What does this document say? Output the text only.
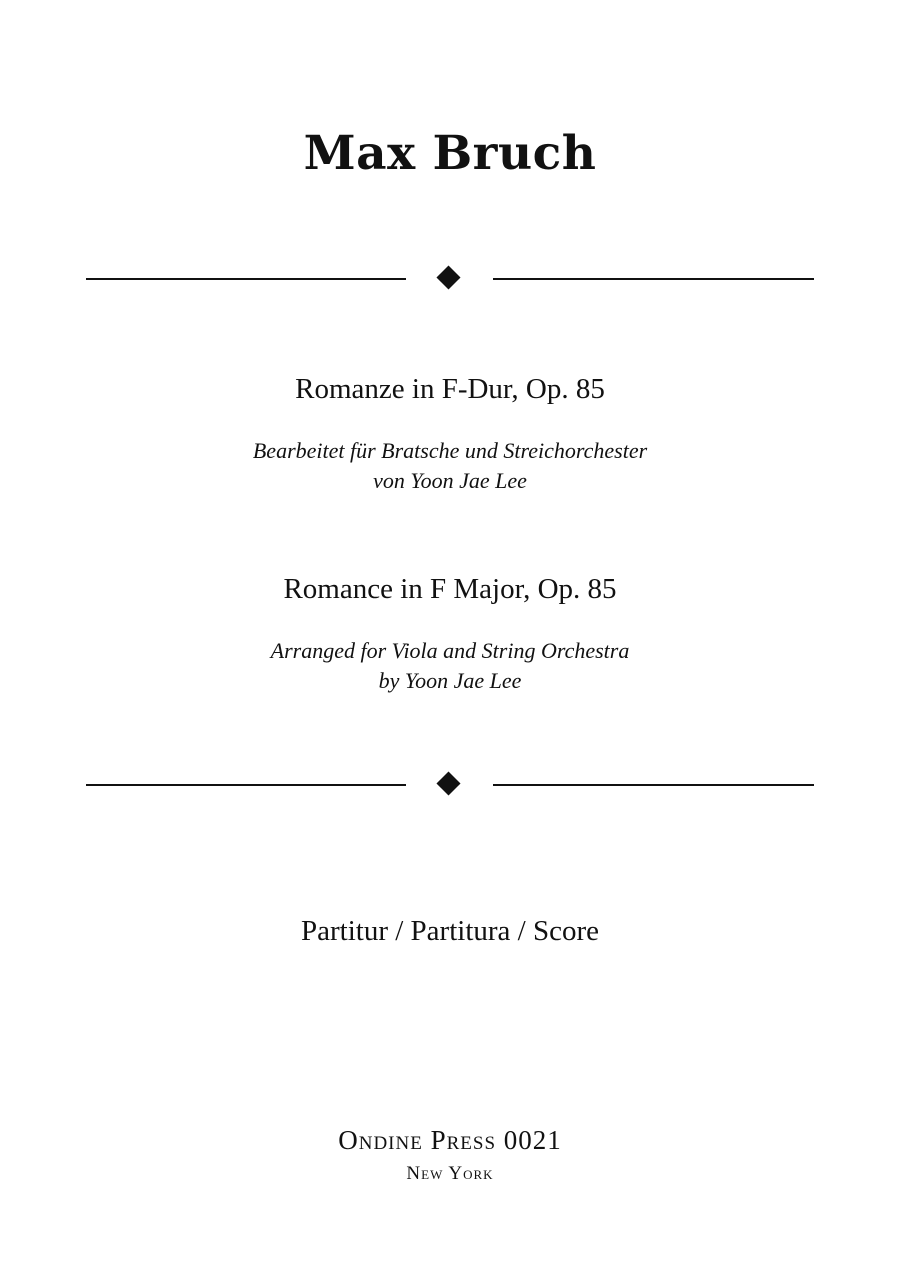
Max Bruch

Romanze in F-Dur, Op. 85

Bearbeitet für Bratsche und Streichorchester

von Yoon Jae Lee

Romance in F Major, Op. 85

Arranged for Viola and String Orchestra

by Yoon Jae Lee

Partitur / Partitura / Score

Ondine Press 0021

New York
